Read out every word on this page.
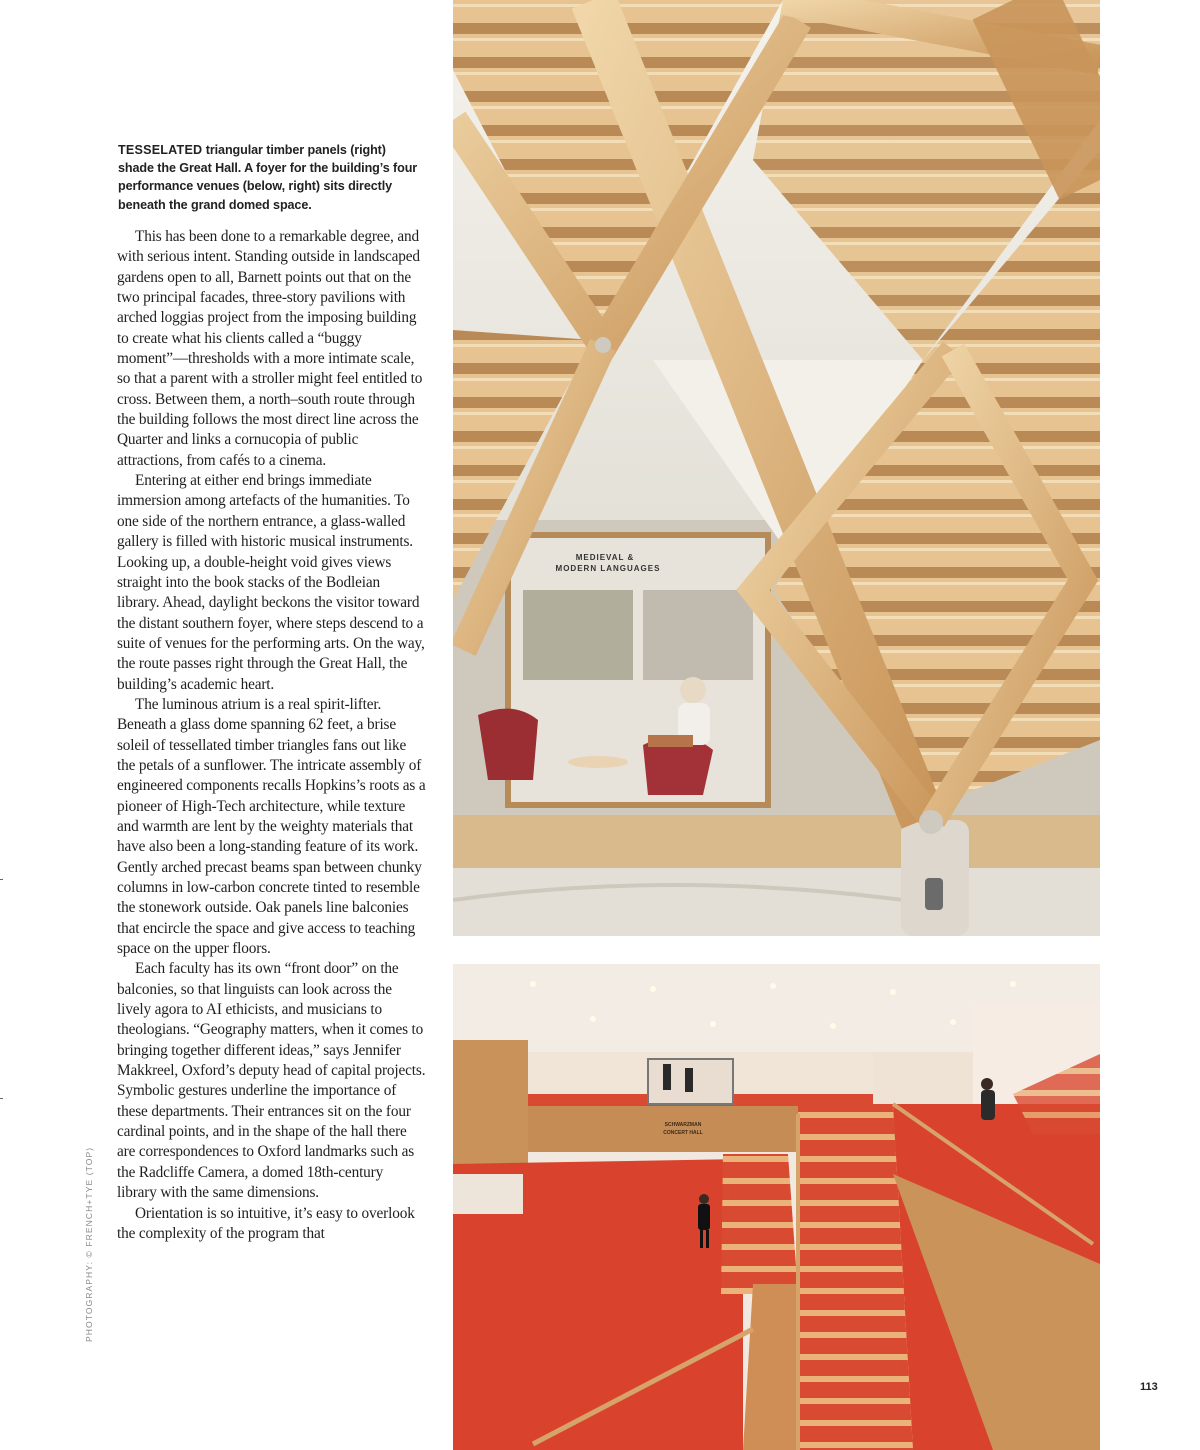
TESSELATED triangular timber panels (right) shade the Great Hall. A foyer for the building’s four performance venues (below, right) sits directly beneath the grand domed space.

This has been done to a remarkable degree, and with serious intent. Standing outside in landscaped gardens open to all, Barnett points out that on the two principal facades, three-story pavilions with arched loggias project from the imposing building to create what his clients called a “buggy moment”—thresholds with a more intimate scale, so that a parent with a stroller might feel entitled to cross. Between them, a north–south route through the building follows the most direct line across the Quarter and links a cornucopia of public attractions, from cafés to a cinema.

Entering at either end brings immediate immersion among artefacts of the humanities. To one side of the northern entrance, a glass-walled gallery is filled with historic musical instruments. Looking up, a double-height void gives views straight into the book stacks of the Bodleian library. Ahead, daylight beckons the visitor toward the distant southern foyer, where steps descend to a suite of venues for the performing arts. On the way, the route passes right through the Great Hall, the building’s academic heart.

The luminous atrium is a real spirit-lifter. Beneath a glass dome spanning 62 feet, a brise soleil of tessellated timber triangles fans out like the petals of a sunflower. The intricate assembly of engineered components recalls Hopkins’s roots as a pioneer of High-Tech architecture, while texture and warmth are lent by the weighty materials that have also been a long-standing feature of its work. Gently arched precast beams span between chunky columns in low-carbon concrete tinted to resemble the stonework outside. Oak panels line balconies that encircle the space and give access to teaching space on the upper floors.

Each faculty has its own “front door” on the balconies, so that linguists can look across the lively agora to AI ethicists, and musicians to theologians. “Geography matters, when it comes to bringing together different ideas,” says Jennifer Makkreel, Oxford’s deputy head of capital projects. Symbolic gestures underline the importance of these departments. Their entrances sit on the four cardinal points, and in the shape of the hall there are correspondences to Oxford landmarks such as the Radcliffe Camera, a domed 18th-century library with the same dimensions.

Orientation is so intuitive, it’s easy to overlook the complexity of the program that

PHOTOGRAPHY: © FRENCH+TYE (TOP)
MEDIEVAL &
MODERN LANGUAGES
SCHWARZMAN
CONCERT HALL
113
